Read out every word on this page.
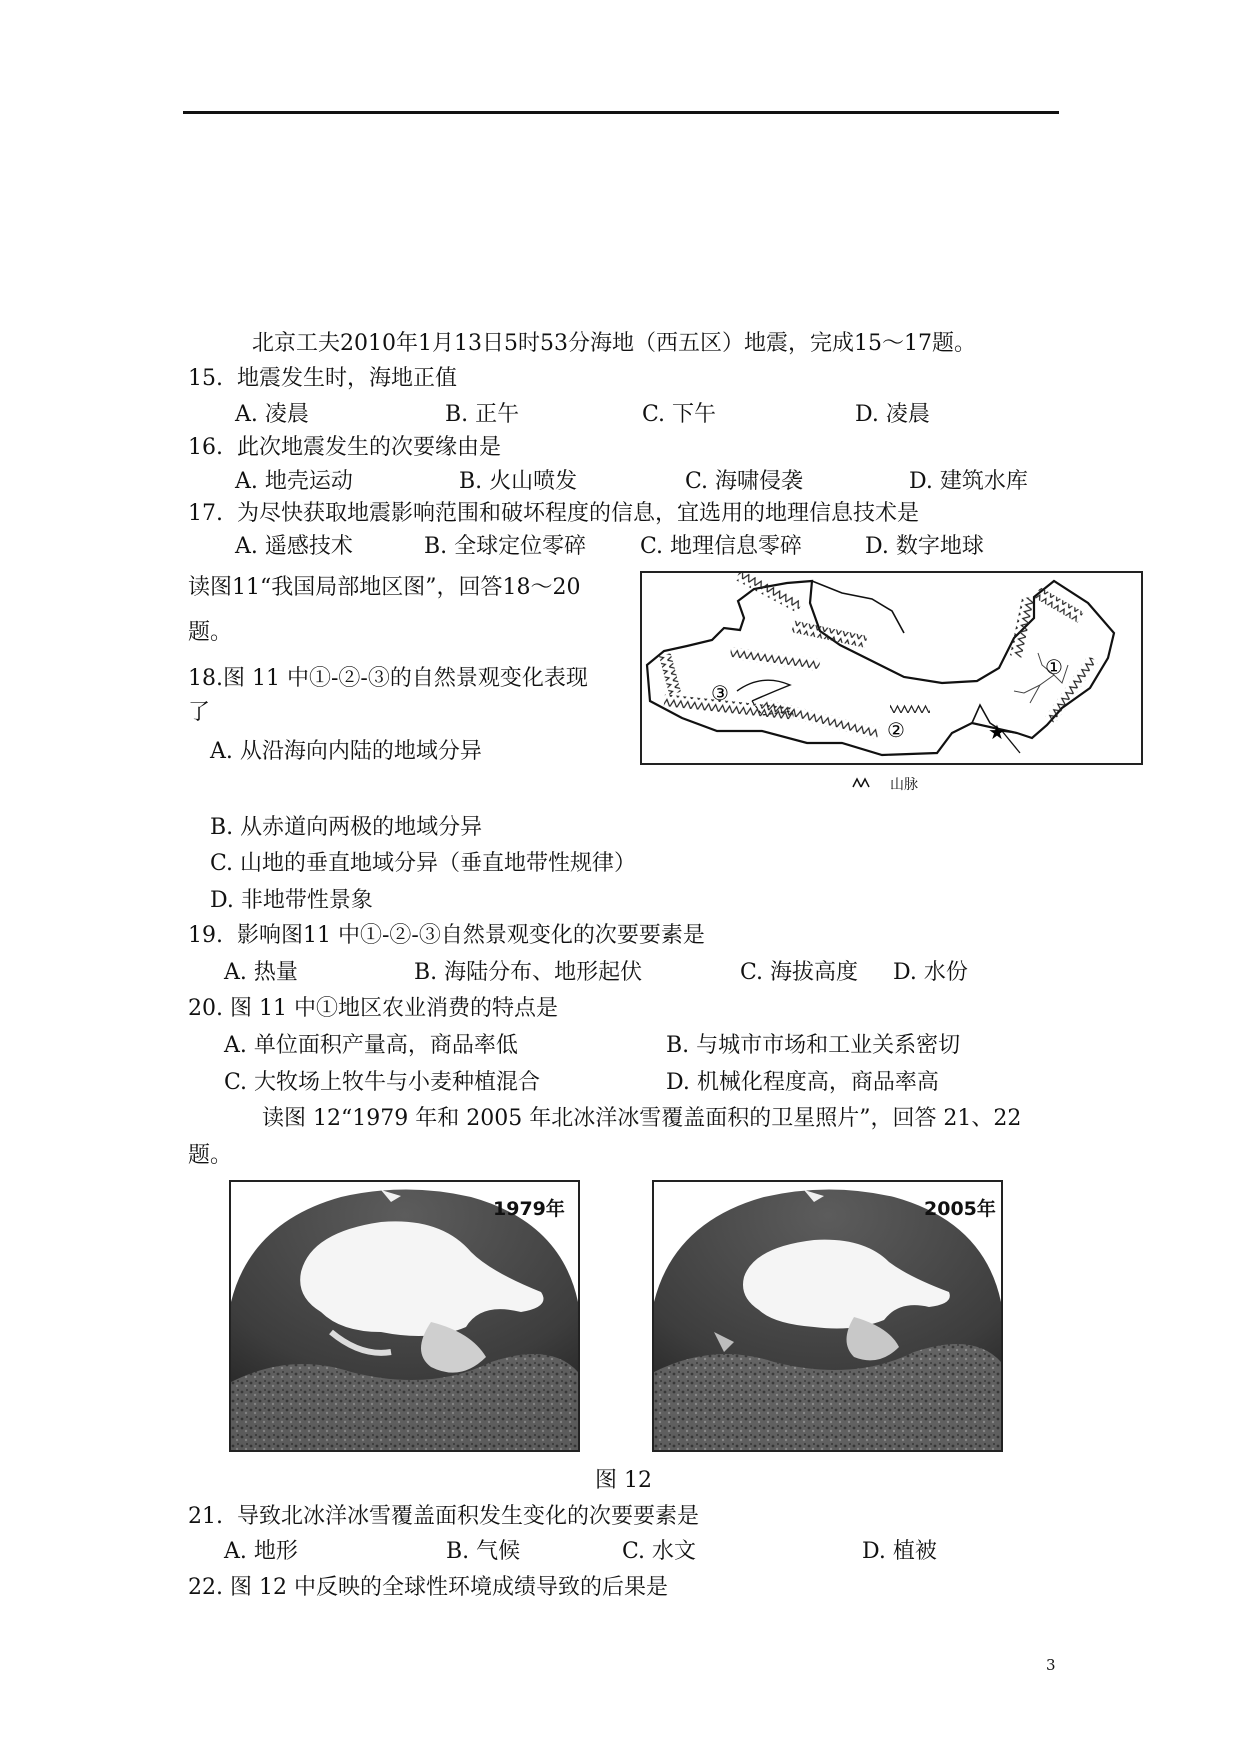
北京工夫2010年1月13日5时53分海地（西五区）地震，完成15～17题。
15.  地震发生时，海地正值
A. 凌晨	B. 正午	C. 下午	D. 凌晨
16.  此次地震发生的次要缘由是
A. 地壳运动	B. 火山喷发	C. 海啸侵袭	D. 建筑水库
17.  为尽快获取地震影响范围和破坏程度的信息，宜选用的地理信息技术是
A. 遥感技术	B. 全球定位零碎 C. 地理信息零碎	D. 数字地球
读图11“我国局部地区图”，回答18～20
题。
18.图 11 中①-②-③的自然景观变化表现
了
A. 从沿海向内陆的地域分异
①
②
③
★
山脉
B. 从赤道向两极的地域分异
C. 山地的垂直地域分异（垂直地带性规律）
D. 非地带性景象
19.  影响图11 中①-②-③自然景观变化的次要要素是
A. 热量	B. 海陆分布、地形起伏	C. 海拔高度 D. 水份
20. 图 11 中①地区农业消费的特点是
A. 单位面积产量高，商品率低	B. 与城市市场和工业关系密切
C. 大牧场上牧牛与小麦种植混合	D. 机械化程度高，商品率高
读图 12“1979 年和 2005 年北冰洋冰雪覆盖面积的卫星照片”，回答 21、22
题。
1979年	2005年
图 12
21.  导致北冰洋冰雪覆盖面积发生变化的次要要素是
A. 地形	B. 气候	C. 水文	D. 植被
22. 图 12 中反映的全球性环境成绩导致的后果是
3
